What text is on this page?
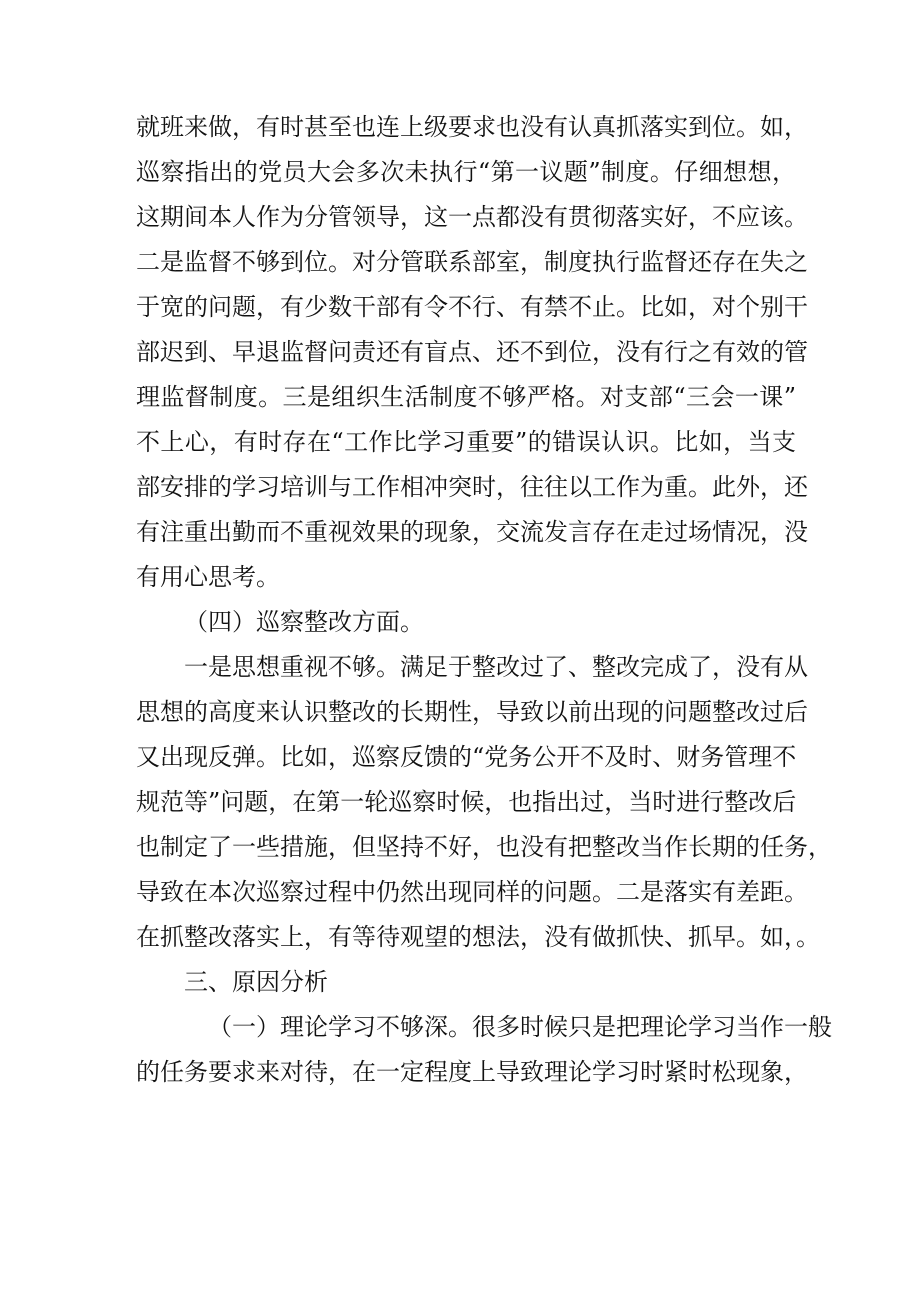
就班来做，有时甚至也连上级要求也没有认真抓落实到位。如，
巡察指出的党员大会多次未执行“第一议题”制度。仔细想想，
这期间本人作为分管领导，这一点都没有贯彻落实好，不应该。
二是监督不够到位。对分管联系部室，制度执行监督还存在失之
于宽的问题，有少数干部有令不行、有禁不止。比如，对个别干
部迟到、早退监督问责还有盲点、还不到位，没有行之有效的管
理监督制度。三是组织生活制度不够严格。对支部“三会一课”
不上心，有时存在“工作比学习重要”的错误认识。比如，当支
部安排的学习培训与工作相冲突时，往往以工作为重。此外，还
有注重出勤而不重视效果的现象，交流发言存在走过场情况，没
有用心思考。
（四）巡察整改方面。
一是思想重视不够。满足于整改过了、整改完成了，没有从
思想的高度来认识整改的长期性，导致以前出现的问题整改过后
又出现反弹。比如，巡察反馈的“党务公开不及时、财务管理不
规范等”问题，在第一轮巡察时候，也指出过，当时进行整改后
也制定了一些措施，但坚持不好，也没有把整改当作长期的任务，
导致在本次巡察过程中仍然出现同样的问题。二是落实有差距。
在抓整改落实上，有等待观望的想法，没有做抓快、抓早。如，。
三、原因分析
（一）理论学习不够深。很多时候只是把理论学习当作一般
的任务要求来对待，在一定程度上导致理论学习时紧时松现象，
